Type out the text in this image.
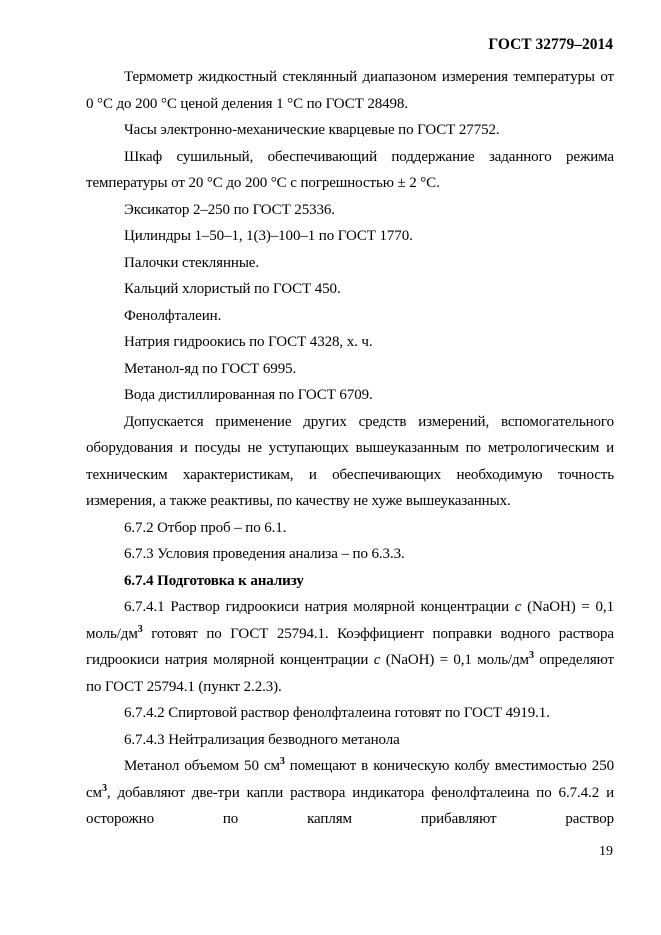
ГОСТ 32779–2014

Термометр жидкостный стеклянный диапазоном измерения температуры от 0 °C до 200 °C ценой деления 1 °C по ГОСТ 28498.

Часы электронно-механические кварцевые по ГОСТ 27752.

Шкаф сушильный, обеспечивающий поддержание заданного режима температуры от 20 °C до 200 °C с погрешностью ± 2 °C.

Эксикатор 2–250 по ГОСТ 25336.

Цилиндры 1–50–1, 1(3)–100–1 по ГОСТ 1770.

Палочки стеклянные.

Кальций хлористый по ГОСТ 450.

Фенолфталеин.

Натрия гидроокись по ГОСТ 4328, х. ч.

Метанол-яд по ГОСТ 6995.

Вода дистиллированная по ГОСТ 6709.

Допускается применение других средств измерений, вспомогательного оборудования и посуды не уступающих вышеуказанным по метрологическим и техническим характеристикам, и обеспечивающих необходимую точность измерения, а также реактивы, по качеству не хуже вышеуказанных.

6.7.2 Отбор проб – по 6.1.

6.7.3 Условия проведения анализа – по 6.3.3.

6.7.4 Подготовка к анализу

6.7.4.1 Раствор гидроокиси натрия молярной концентрации c (NaOH) = 0,1 моль/$дм^3$ готовят по ГОСТ 25794.1. Коэффициент поправки водного раствора гидроокиси натрия молярной концентрации c (NaOH) = 0,1 моль/$дм^3$ определяют по ГОСТ 25794.1 (пункт 2.2.3).

6.7.4.2 Спиртовой раствор фенолфталеина готовят по ГОСТ 4919.1.

6.7.4.3 Нейтрализация безводного метанола

Метанол объемом 50 $см^3$ помещают в коническую колбу вместимостью 250 $см^3$, добавляют две-три капли раствора индикатора фенолфталеина по 6.7.4.2 и осторожно по каплям прибавляют раствор

19
